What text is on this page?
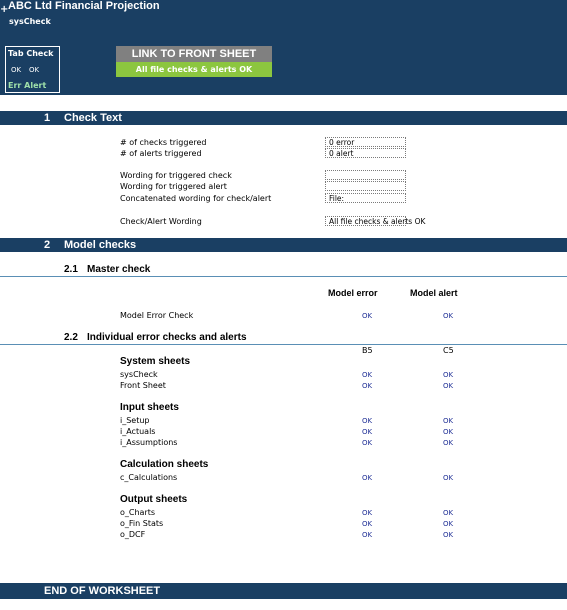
+ ABC Ltd Financial Projection
sysCheck
Tab Check
OK OK
Err Alert
LINK TO FRONT SHEET
All file checks & alerts OK
1 Check Text
# of checks triggered	0 error
# of alerts triggered	0 alert
Wording for triggered check
Wording for triggered alert
Concatenated wording for check/alert	File:
Check/Alert Wording	All file checks & alerts OK
2 Model checks
2.1 Master check
Model error	Model alert
Model Error Check	OK	OK
2.2 Individual error checks and alerts
B5	C5
System sheets
sysCheck	OK	OK
Front Sheet	OK	OK
Input sheets
i_Setup	OK	OK
i_Actuals	OK	OK
i_Assumptions	OK	OK
Calculation sheets
c_Calculations	OK	OK
Output sheets
o_Charts	OK	OK
o_Fin Stats	OK	OK
o_DCF	OK	OK
END OF WORKSHEET
